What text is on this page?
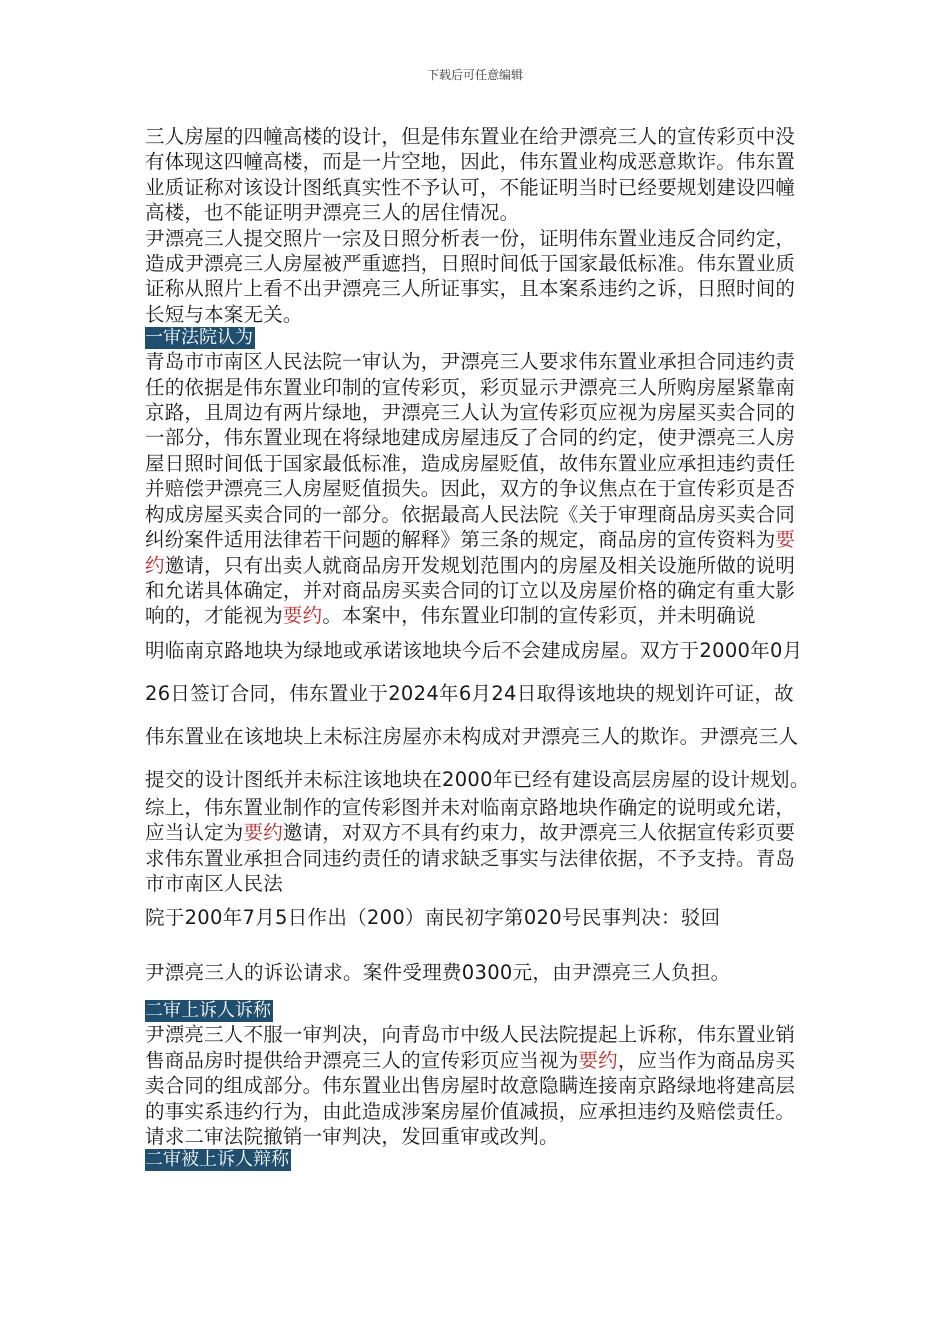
下载后可任意编辑

三人房屋的四幢高楼的设计，但是伟东置业在给尹漂亮三人的宣传彩页中没有体现这四幢高楼，而是一片空地，因此，伟东置业构成恶意欺诈。伟东置业质证称对该设计图纸真实性不予认可，不能证明当时已经要规划建设四幢高楼，也不能证明尹漂亮三人的居住情况。

尹漂亮三人提交照片一宗及日照分析表一份，证明伟东置业违反合同约定，造成尹漂亮三人房屋被严重遮挡，日照时间低于国家最低标准。伟东置业质证称从照片上看不出尹漂亮三人所证事实，且本案系违约之诉，日照时间的长短与本案无关。

一审法院认为

青岛市市南区人民法院一审认为，尹漂亮三人要求伟东置业承担合同违约责任的依据是伟东置业印制的宣传彩页，彩页显示尹漂亮三人所购房屋紧靠南京路，且周边有两片绿地，尹漂亮三人认为宣传彩页应视为房屋买卖合同的一部分，伟东置业现在将绿地建成房屋违反了合同的约定，使尹漂亮三人房屋日照时间低于国家最低标准，造成房屋贬值，故伟东置业应承担违约责任并赔偿尹漂亮三人房屋贬值损失。因此，双方的争议焦点在于宣传彩页是否构成房屋买卖合同的一部分。依据最高人民法院《关于审理商品房买卖合同纠纷案件适用法律若干问题的解释》第三条的规定，商品房的宣传资料为要约邀请，只有出卖人就商品房开发规划范围内的房屋及相关设施所做的说明和允诺具体确定，并对商品房买卖合同的订立以及房屋价格的确定有重大影响的，才能视为要约。本案中，伟东置业印制的宣传彩页，并未明确说

明临南京路地块为绿地或承诺该地块今后不会建成房屋。双方于2000年0月26日签订合同，伟东置业于2024年6月24日取得该地块的规划许可证，故伟东置业在该地块上未标注房屋亦未构成对尹漂亮三人的欺诈。尹漂亮三人提交的设计图纸并未标注该地块在2000年已经有建设高层房屋的设计规划。

综上，伟东置业制作的宣传彩图并未对临南京路地块作确定的说明或允诺，应当认定为要约邀请，对双方不具有约束力，故尹漂亮三人依据宣传彩页要求伟东置业承担合同违约责任的请求缺乏事实与法律依据，不予支持。青岛市市南区人民法

院于200年7月5日作出（200）南民初字第020号民事判决：驳回

尹漂亮三人的诉讼请求。案件受理费0300元，由尹漂亮三人负担。

二审上诉人诉称

尹漂亮三人不服一审判决，向青岛市中级人民法院提起上诉称，伟东置业销售商品房时提供给尹漂亮三人的宣传彩页应当视为要约，应当作为商品房买卖合同的组成部分。伟东置业出售房屋时故意隐瞒连接南京路绿地将建高层的事实系违约行为，由此造成涉案房屋价值减损，应承担违约及赔偿责任。请求二审法院撤销一审判决，发回重审或改判。

二审被上诉人辩称
